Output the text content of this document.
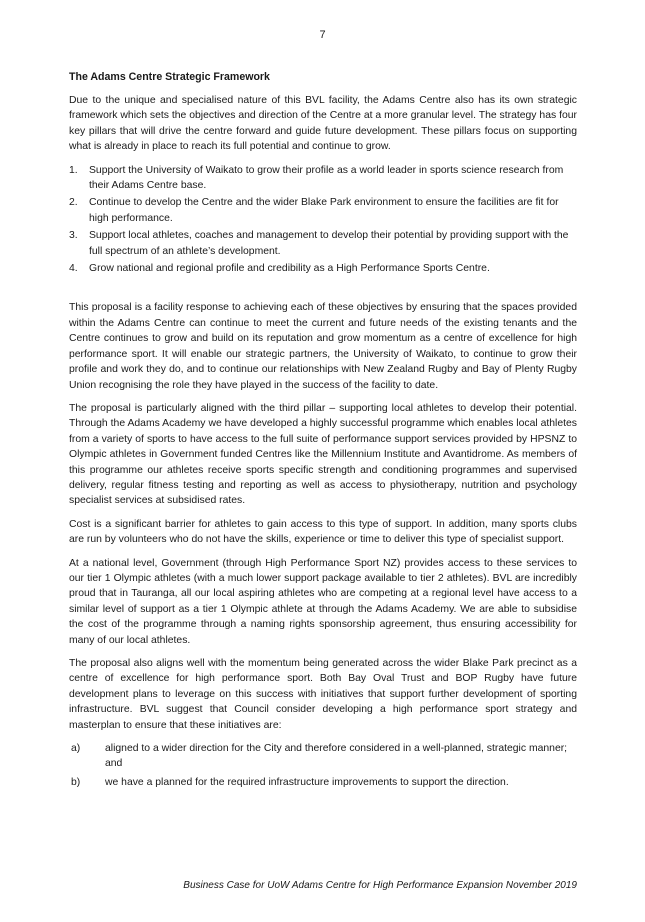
7
The Adams Centre Strategic Framework

Due to the unique and specialised nature of this BVL facility, the Adams Centre also has its own strategic framework which sets the objectives and direction of the Centre at a more granular level. The strategy has four key pillars that will drive the centre forward and guide future development. These pillars focus on supporting what is already in place to reach its full potential and continue to grow.

1.	Support the University of Waikato to grow their profile as a world leader in sports science research from their Adams Centre base.
2.	Continue to develop the Centre and the wider Blake Park environment to ensure the facilities are fit for high performance.
3.	Support local athletes, coaches and management to develop their potential by providing support with the full spectrum of an athlete’s development.
4.	Grow national and regional profile and credibility as a High Performance Sports Centre.

This proposal is a facility response to achieving each of these objectives by ensuring that the spaces provided within the Adams Centre can continue to meet the current and future needs of the existing tenants and the Centre continues to grow and build on its reputation and grow momentum as a centre of excellence for high performance sport. It will enable our strategic partners, the University of Waikato, to continue to grow their profile and work they do, and to continue our relationships with New Zealand Rugby and Bay of Plenty Rugby Union recognising the role they have played in the success of the facility to date.

The proposal is particularly aligned with the third pillar – supporting local athletes to develop their potential. Through the Adams Academy we have developed a highly successful programme which enables local athletes from a variety of sports to have access to the full suite of performance support services provided by HPSNZ to Olympic athletes in Government funded Centres like the Millennium Institute and Avantidrome. As members of this programme our athletes receive sports specific strength and conditioning programmes and supervised delivery, regular fitness testing and reporting as well as access to physiotherapy, nutrition and psychology specialist services at subsidised rates.

Cost is a significant barrier for athletes to gain access to this type of support. In addition, many sports clubs are run by volunteers who do not have the skills, experience or time to deliver this type of specialist support.

At a national level, Government (through High Performance Sport NZ) provides access to these services to our tier 1 Olympic athletes (with a much lower support package available to tier 2 athletes). BVL are incredibly proud that in Tauranga, all our local aspiring athletes who are competing at a regional level have access to a similar level of support as a tier 1 Olympic athlete at through the Adams Academy. We are able to subsidise the cost of the programme through a naming rights sponsorship agreement, thus ensuring accessibility for many of our local athletes.

The proposal also aligns well with the momentum being generated across the wider Blake Park precinct as a centre of excellence for high performance sport. Both Bay Oval Trust and BOP Rugby have future development plans to leverage on this success with initiatives that support further development of sporting infrastructure. BVL suggest that Council consider developing a high performance sport strategy and masterplan to ensure that these initiatives are:

a)	aligned to a wider direction for the City and therefore considered in a well-planned, strategic manner; and
b)	we have a planned for the required infrastructure improvements to support the direction.
Business Case for UoW Adams Centre for High Performance Expansion November 2019
